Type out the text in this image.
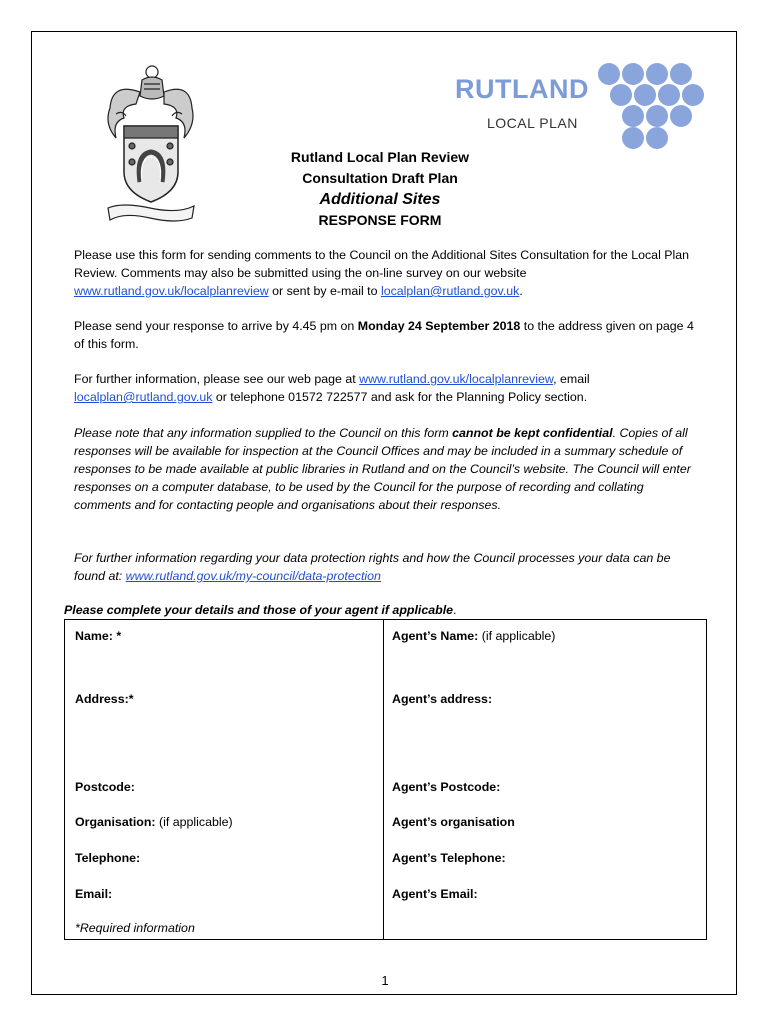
RUTLAND
LOCAL PLAN
Rutland Local Plan Review
Consultation Draft Plan
Additional Sites
RESPONSE FORM
Please use this form for sending comments to the Council on the Additional Sites Consultation for the Local Plan Review. Comments may also be submitted using the on-line survey on our website www.rutland.gov.uk/localplanreview or sent by e-mail to localplan@rutland.gov.uk.
Please send your response to arrive by 4.45 pm on Monday 24 September 2018 to the address given on page 4 of this form.
For further information, please see our web page at www.rutland.gov.uk/localplanreview, email localplan@rutland.gov.uk or telephone 01572 722577 and ask for the Planning Policy section.
Please note that any information supplied to the Council on this form cannot be kept confidential. Copies of all responses will be available for inspection at the Council Offices and may be included in a summary schedule of responses to be made available at public libraries in Rutland and on the Council’s website. The Council will enter responses on a computer database, to be used by the Council for the purpose of recording and collating comments and for contacting people and organisations about their responses.
For further information regarding your data protection rights and how the Council processes your data can be found at: www.rutland.gov.uk/my-council/data-protection
Please complete your details and those of your agent if applicable.
Name: *
Address:*
Postcode:
Organisation: (if applicable)
Telephone:
Email:
*Required information
Agent’s Name: (if applicable)
Agent’s address:
Agent’s Postcode:
Agent’s organisation
Agent’s Telephone:
Agent’s Email:
1
